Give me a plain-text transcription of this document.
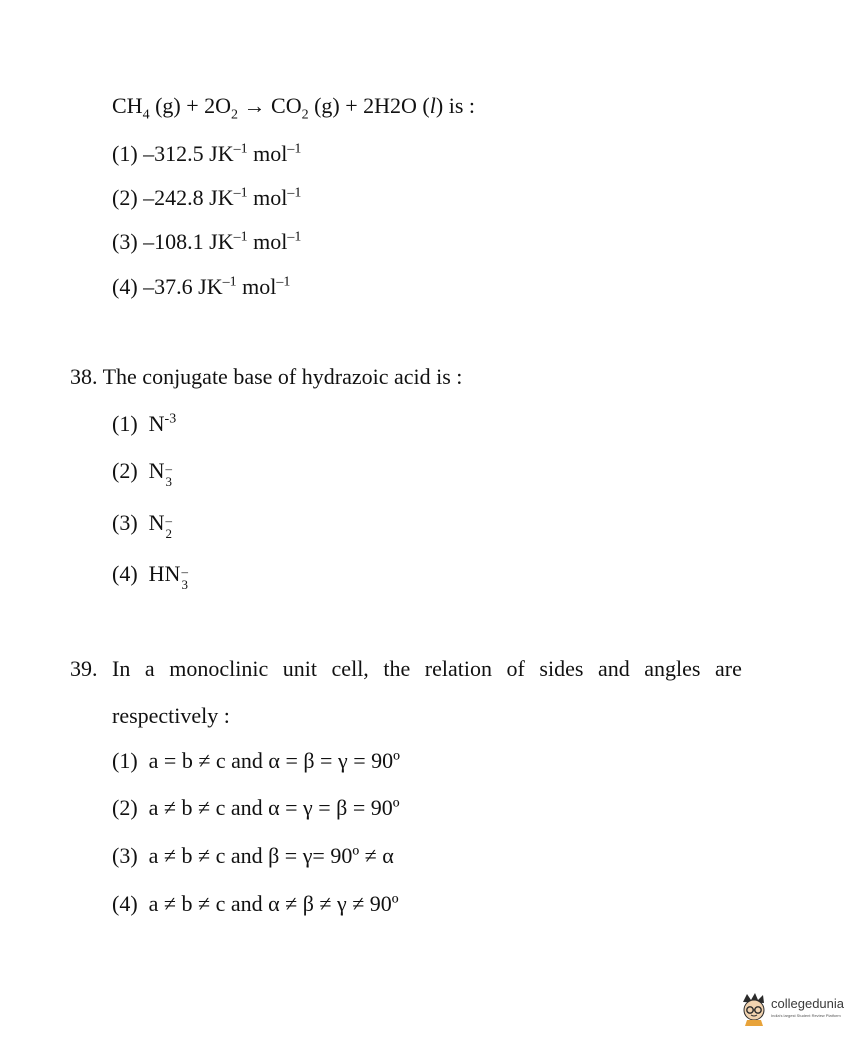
$CH_4$ $(g) + 2O_2 \to CO_2$ (g) + 2H2O (l) is :
(1) –312.5 $JK^{-1}$ mol$^{-1}$
(2) –242.8 $JK^{-1}$ mol$^{-1}$
(3) –108.1 $JK^{-1}$ mol$^{-1}$
(4) –37.6 $JK^{-1}$ mol$^{-1}$
38. The conjugate base of hydrazoic acid is :
(1) $N^{-3}$
(2) N –
3
(3) N –
2
(4) HN –
3
39. In a monoclinic unit cell, the relation of sides and angles are
respectively :
(1) a = b ≠ c and α = β = γ = 90º
(2) a ≠ b ≠ c and α = γ = β = 90º
(3) a ≠ b ≠ c and β = γ= 90º ≠ α
(4) a ≠ b ≠ c and α ≠ β ≠ γ ≠ 90º
collegedunia
India's largest Student Review Platform
